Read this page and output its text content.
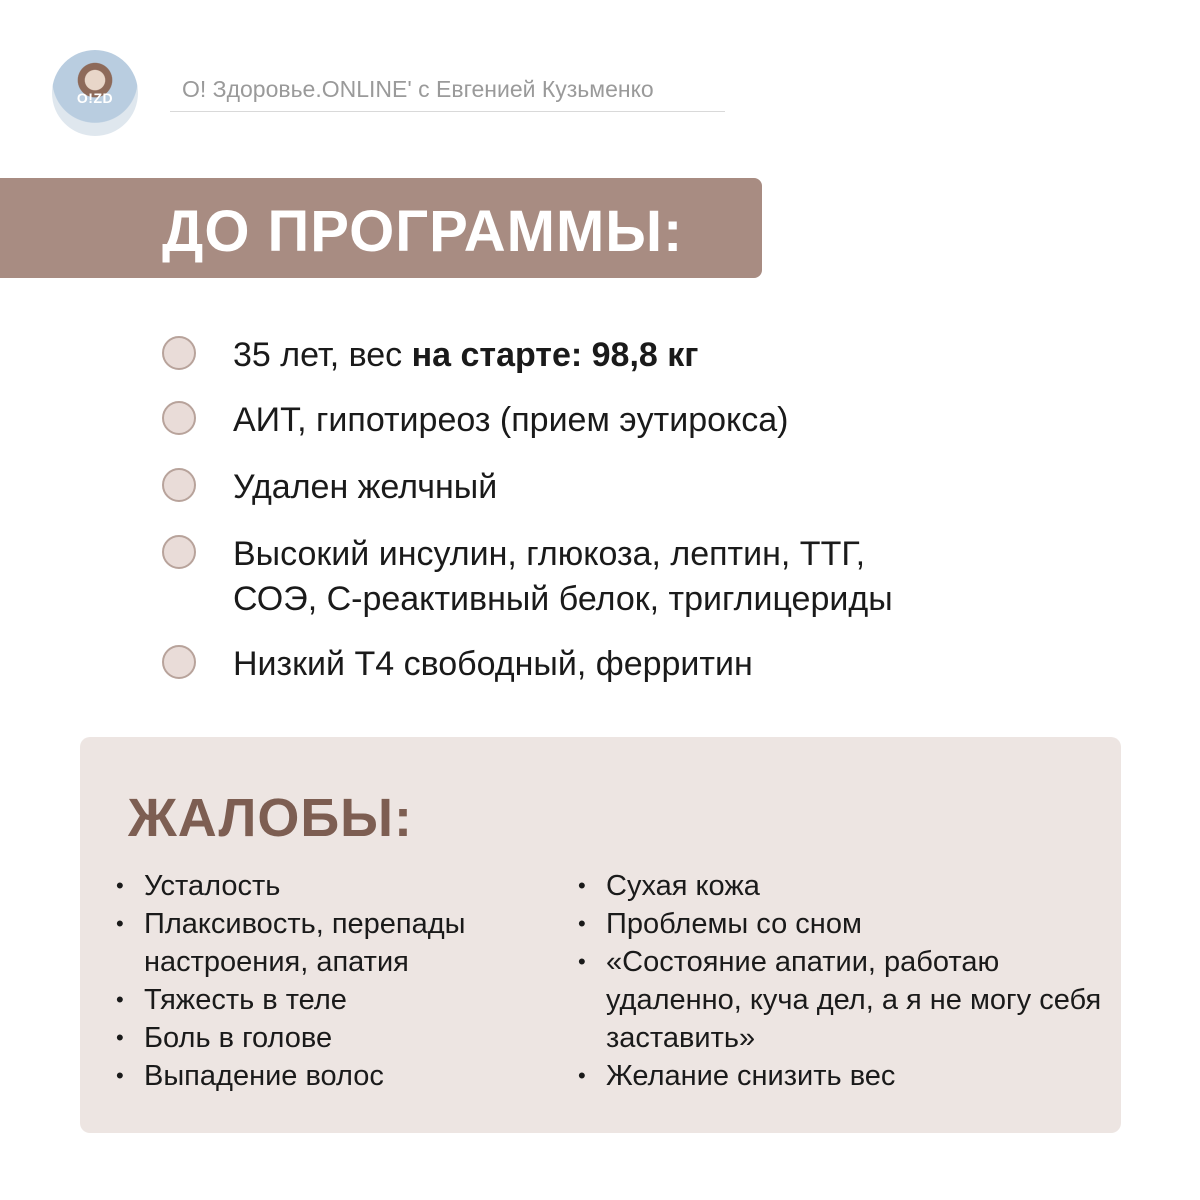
O!ZD	О! Здоровье.ONLINE' с Евгенией Кузьменко
ДО ПРОГРАММЫ:
35 лет, вес на старте: 98,8 кг
АИТ, гипотиреоз (прием эутирокса)
Удален желчный
Высокий инсулин, глюкоза, лептин, ТТГ,
СОЭ, С-реактивный белок, триглицериды
Низкий Т4 свободный, ферритин
ЖАЛОБЫ:
• Усталость
• Плаксивость, перепады настроения, апатия
• Тяжесть в теле
• Боль в голове
• Выпадение волос
• Сухая кожа
• Проблемы со сном
• «Состояние апатии, работаю удаленно, куча дел, а я не могу себя заставить»
• Желание снизить вес
